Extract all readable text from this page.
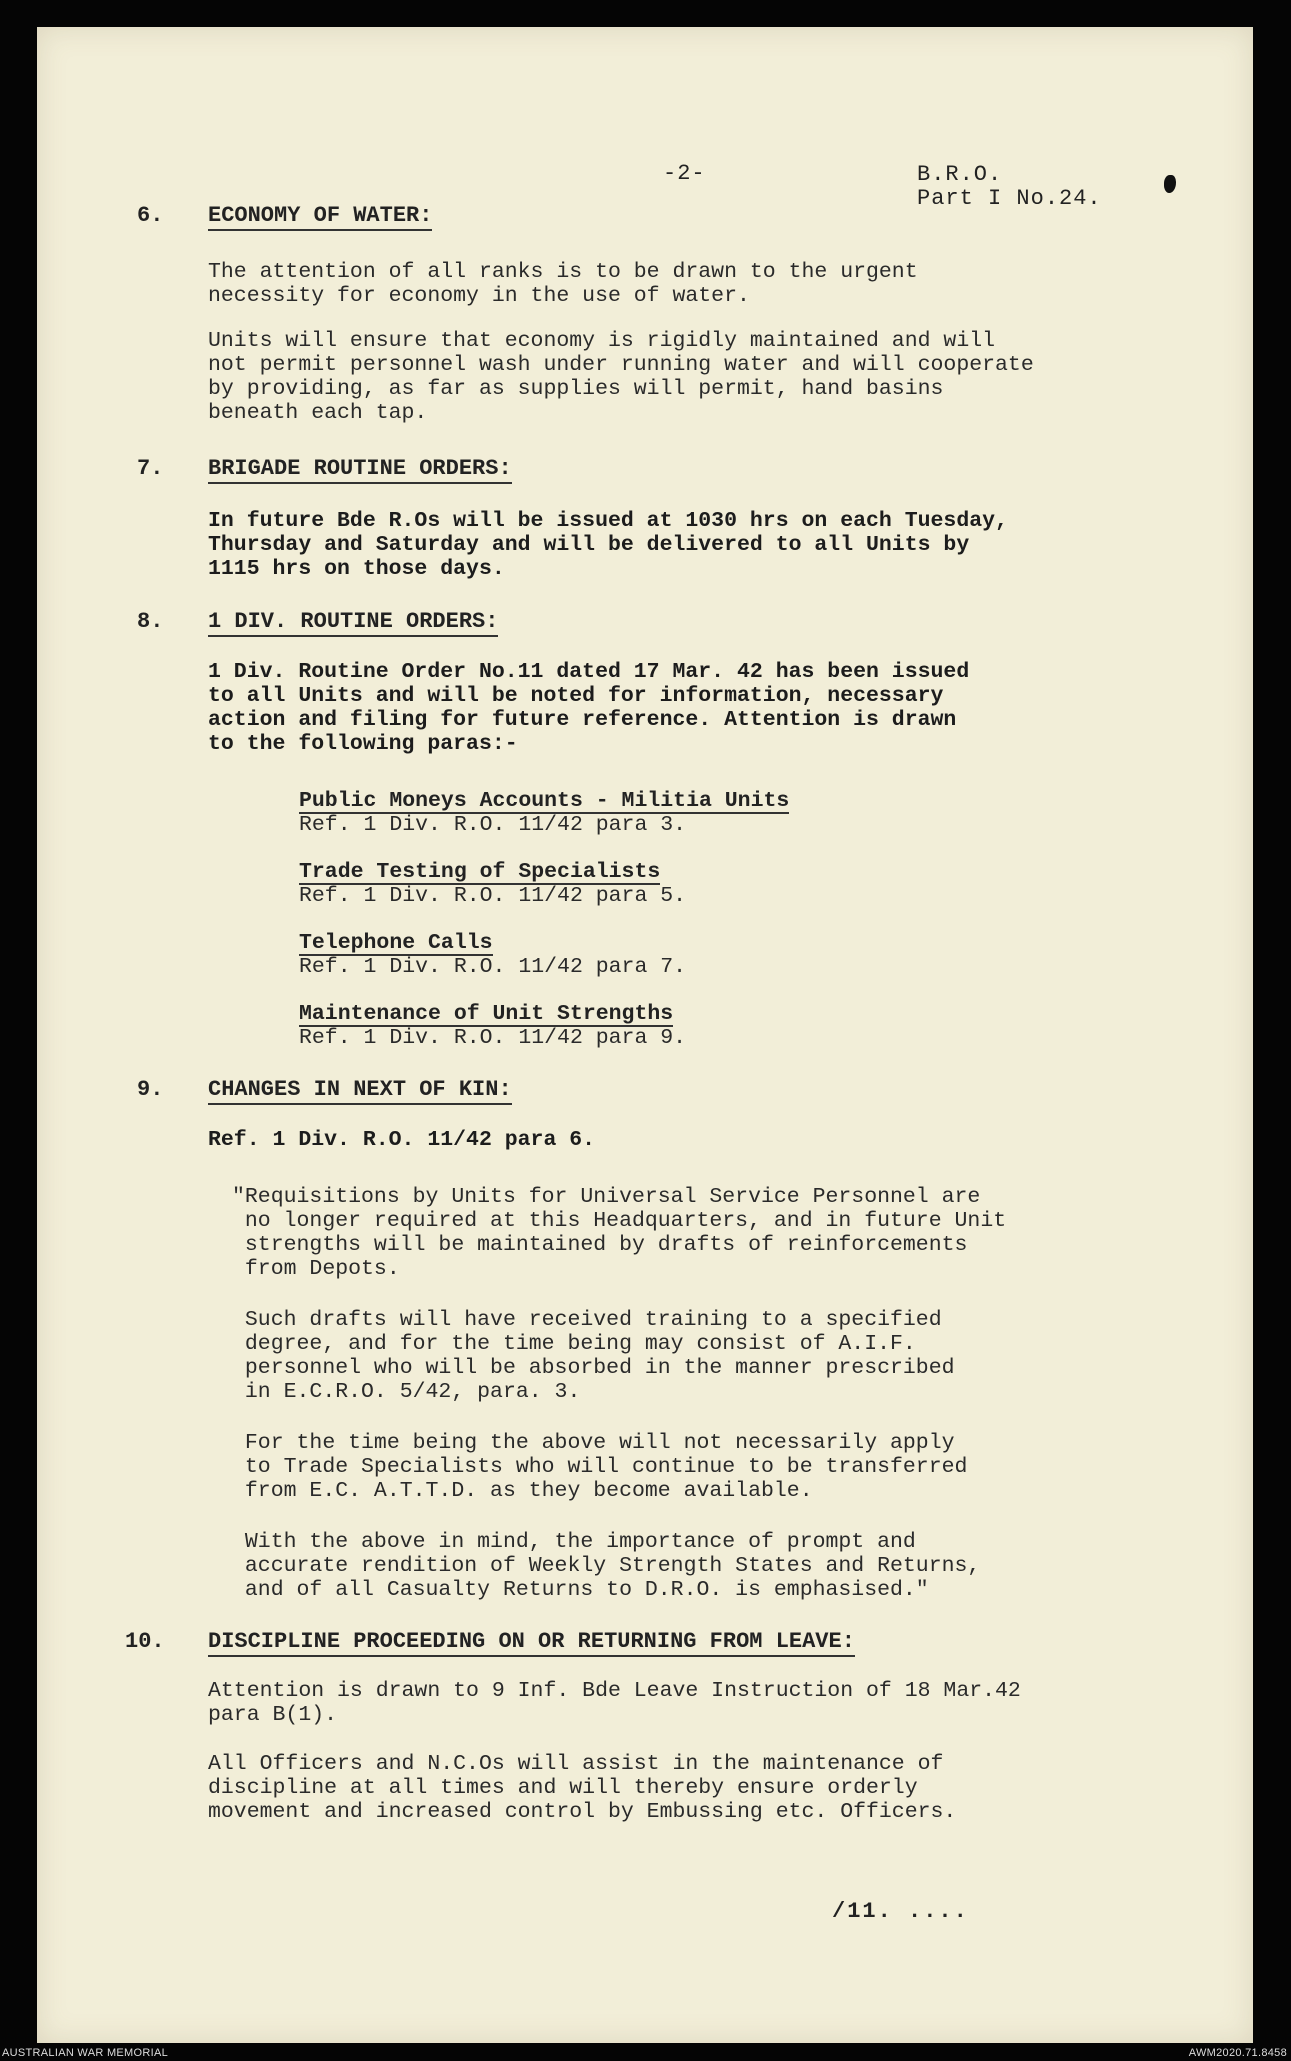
-2-	B.R.O.
Part I No.24.
6. ECONOMY OF WATER:
The attention of all ranks is to be drawn to the urgent
necessity for economy in the use of water.
Units will ensure that economy is rigidly maintained and will
not permit personnel wash under running water and will cooperate
by providing, as far as supplies will permit, hand basins
beneath each tap.
7. BRIGADE ROUTINE ORDERS:
In future Bde R.Os will be issued at 1030 hrs on each Tuesday,
Thursday and Saturday and will be delivered to all Units by
1115 hrs on those days.
8. 1 DIV. ROUTINE ORDERS:
1 Div. Routine Order No.11 dated 17 Mar. 42 has been issued
to all Units and will be noted for information, necessary
action and filing for future reference. Attention is drawn
to the following paras:-
Public Moneys Accounts - Militia Units
Ref. 1 Div. R.O. 11/42 para 3.
Trade Testing of Specialists
Ref. 1 Div. R.O. 11/42 para 5.
Telephone Calls
Ref. 1 Div. R.O. 11/42 para 7.
Maintenance of Unit Strengths
Ref. 1 Div. R.O. 11/42 para 9.
9. CHANGES IN NEXT OF KIN:
Ref. 1 Div. R.O. 11/42 para 6.
"Requisitions by Units for Universal Service Personnel are
no longer required at this Headquarters, and in future Unit
strengths will be maintained by drafts of reinforcements
from Depots.
Such drafts will have received training to a specified
degree, and for the time being may consist of A.I.F.
personnel who will be absorbed in the manner prescribed
in E.C.R.O. 5/42, para. 3.
For the time being the above will not necessarily apply
to Trade Specialists who will continue to be transferred
from E.C. A.T.T.D. as they become available.
With the above in mind, the importance of prompt and
accurate rendition of Weekly Strength States and Returns,
and of all Casualty Returns to D.R.O. is emphasised."
10. DISCIPLINE PROCEEDING ON OR RETURNING FROM LEAVE:
Attention is drawn to 9 Inf. Bde Leave Instruction of 18 Mar.42
para B(1).
All Officers and N.C.Os will assist in the maintenance of
discipline at all times and will thereby ensure orderly
movement and increased control by Embussing etc. Officers.
/11. ....
AUSTRALIAN WAR MEMORIAL	AWM2020.71.8458
